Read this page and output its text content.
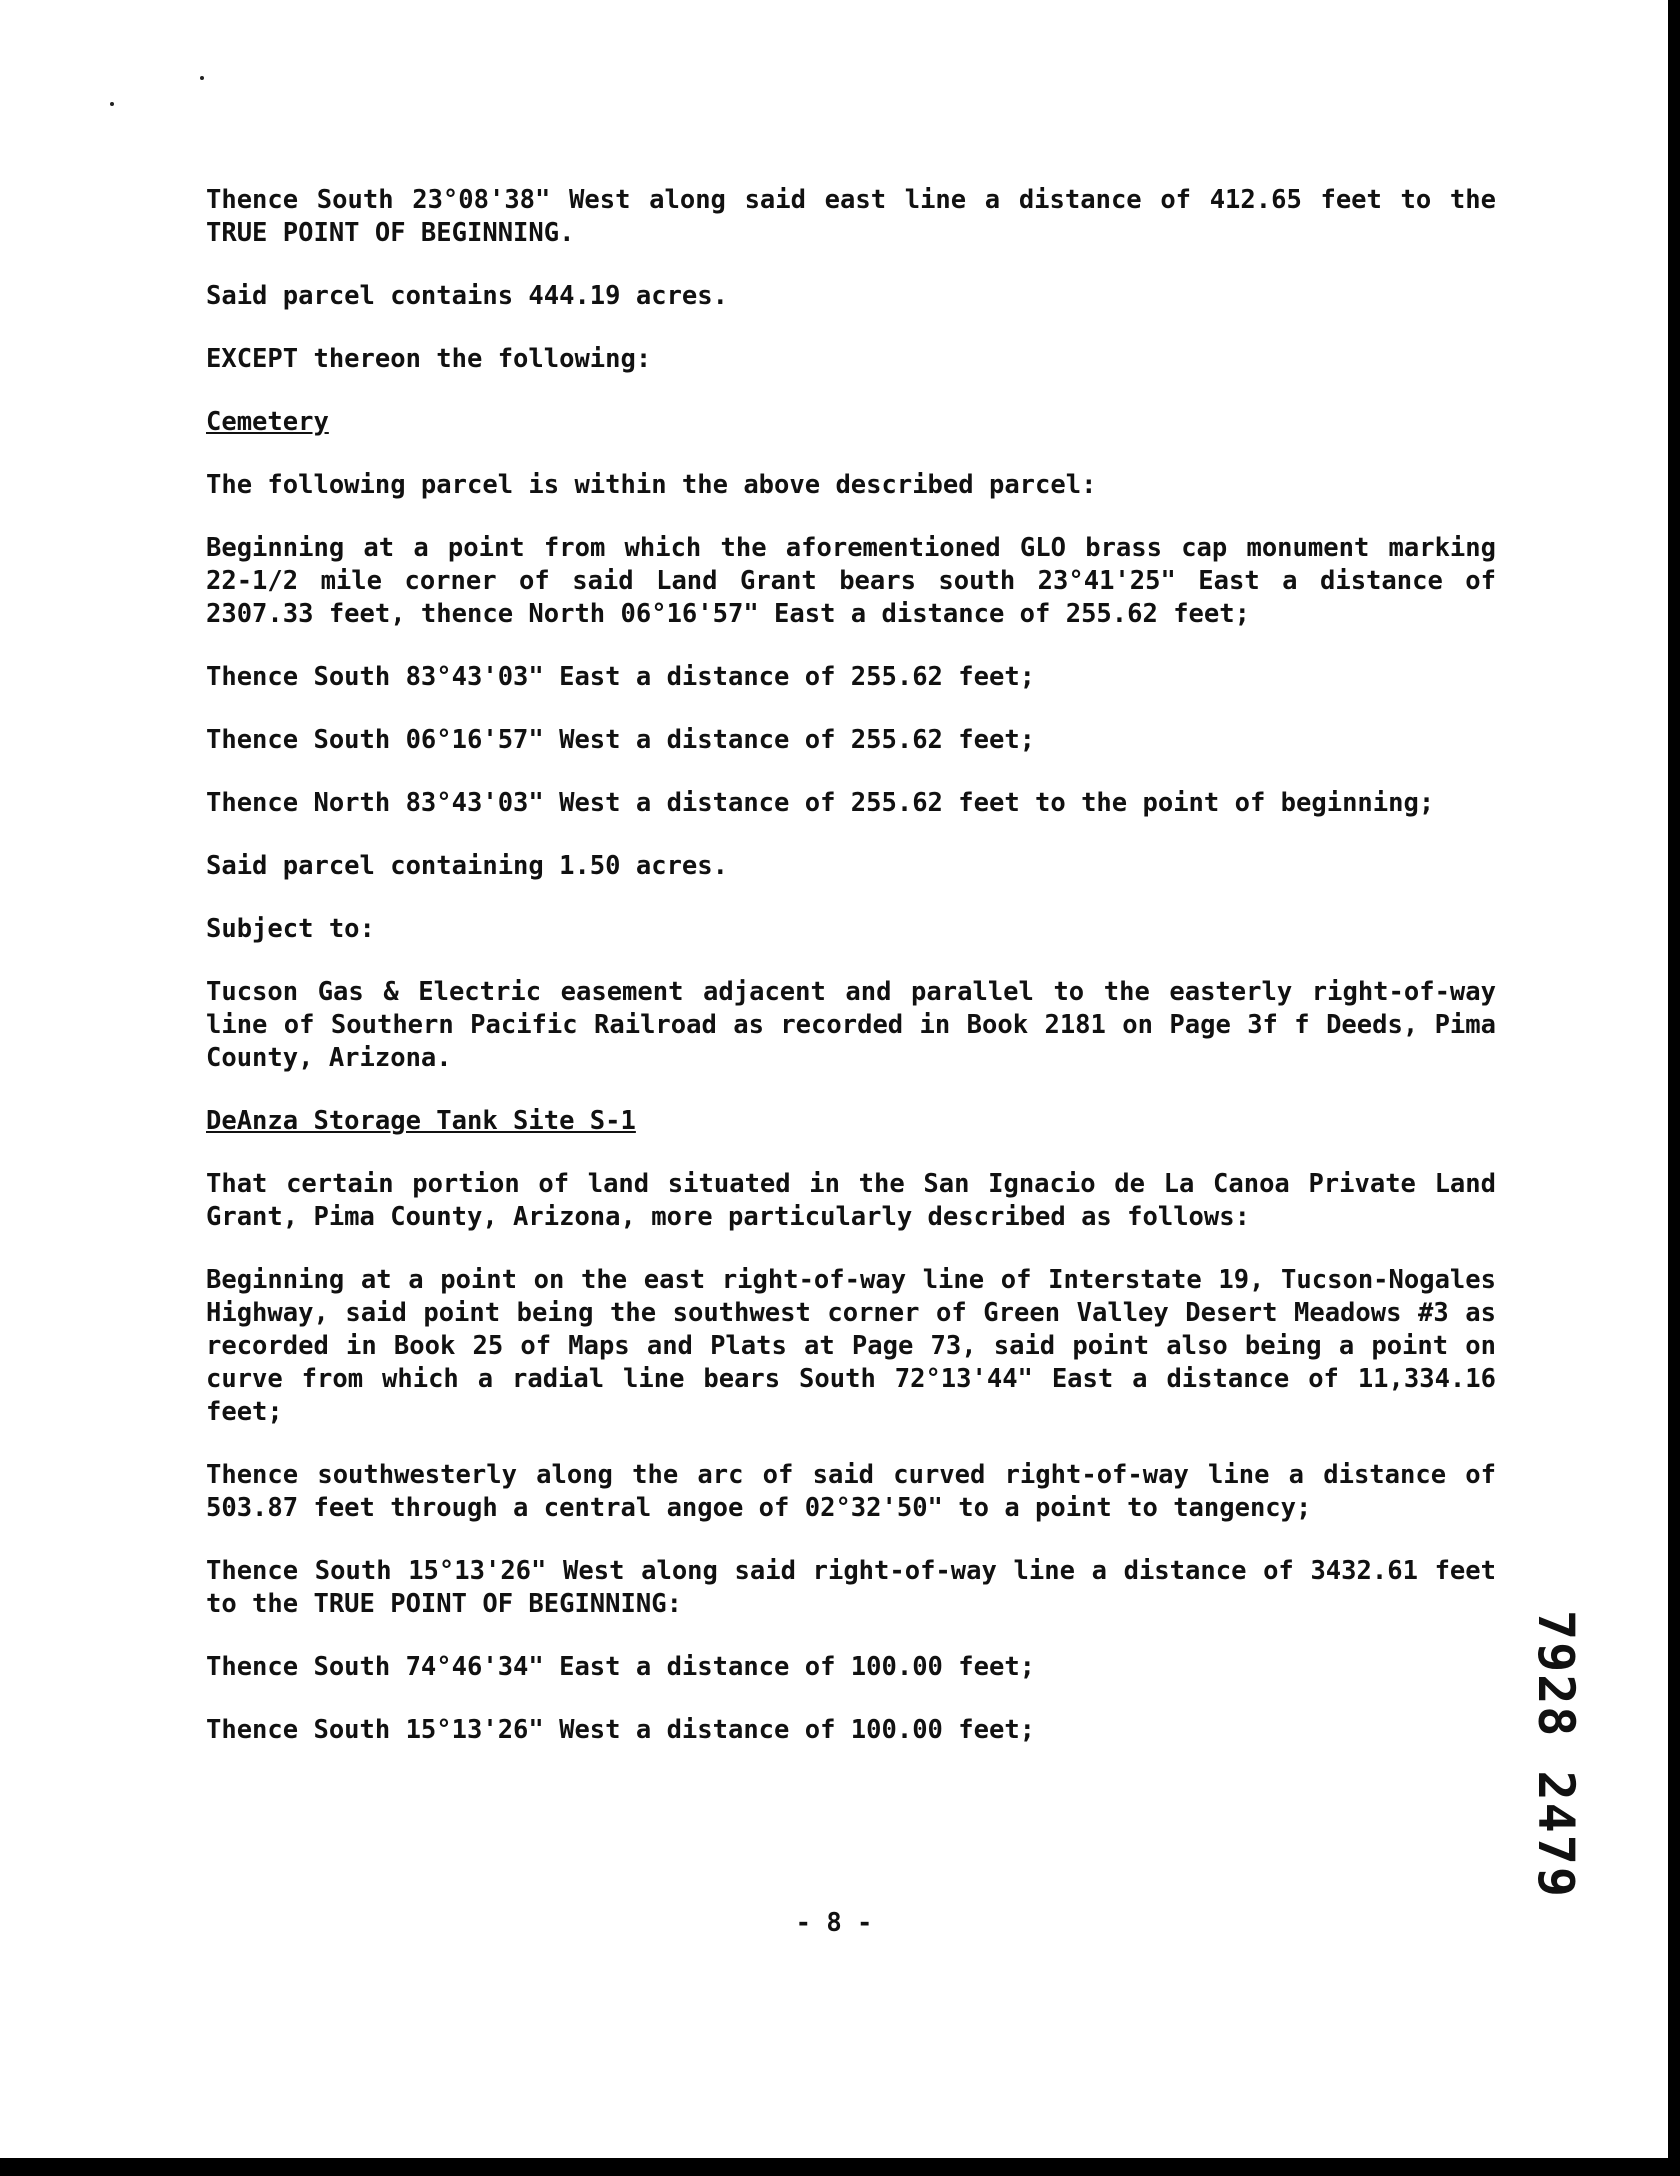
Thence South 23°08'38" West along said east line a distance of 412.65 feet to the TRUE POINT OF BEGINNING.

Said parcel contains 444.19 acres.

EXCEPT thereon the following:

Cemetery

The following parcel is within the above described parcel:

Beginning at a point from which the aforementioned GLO brass cap monument marking 22-1/2 mile corner of said Land Grant bears south 23°41'25" East a distance of 2307.33 feet, thence North 06°16'57" East a distance of 255.62 feet;

Thence South 83°43'03" East a distance of 255.62 feet;

Thence South 06°16'57" West a distance of 255.62 feet;

Thence North 83°43'03" West a distance of 255.62 feet to the point of beginning;

Said parcel containing 1.50 acres.

Subject to:

Tucson Gas & Electric easement adjacent and parallel to the easterly right-of-way line of Southern Pacific Railroad as recorded in Book 2181 on Page 3f f Deeds, Pima County, Arizona.

DeAnza Storage Tank Site S-1

That certain portion of land situated in the San Ignacio de La Canoa Private Land Grant, Pima County, Arizona, more particularly described as follows:

Beginning at a point on the east right-of-way line of Interstate 19, Tucson-Nogales Highway, said point being the southwest corner of Green Valley Desert Meadows #3 as recorded in Book 25 of Maps and Plats at Page 73, said point also being a point on curve from which a radial line bears South 72°13'44" East a distance of 11,334.16 feet;

Thence southwesterly along the arc of said curved right-of-way line a distance of 503.87 feet through a central angoe of 02°32'50" to a point to tangency;

Thence South 15°13'26" West along said right-of-way line a distance of 3432.61 feet to the TRUE POINT OF BEGINNING:

Thence South 74°46'34" East a distance of 100.00 feet;

Thence South 15°13'26" West a distance of 100.00 feet;

- 8 -
7928 2479
